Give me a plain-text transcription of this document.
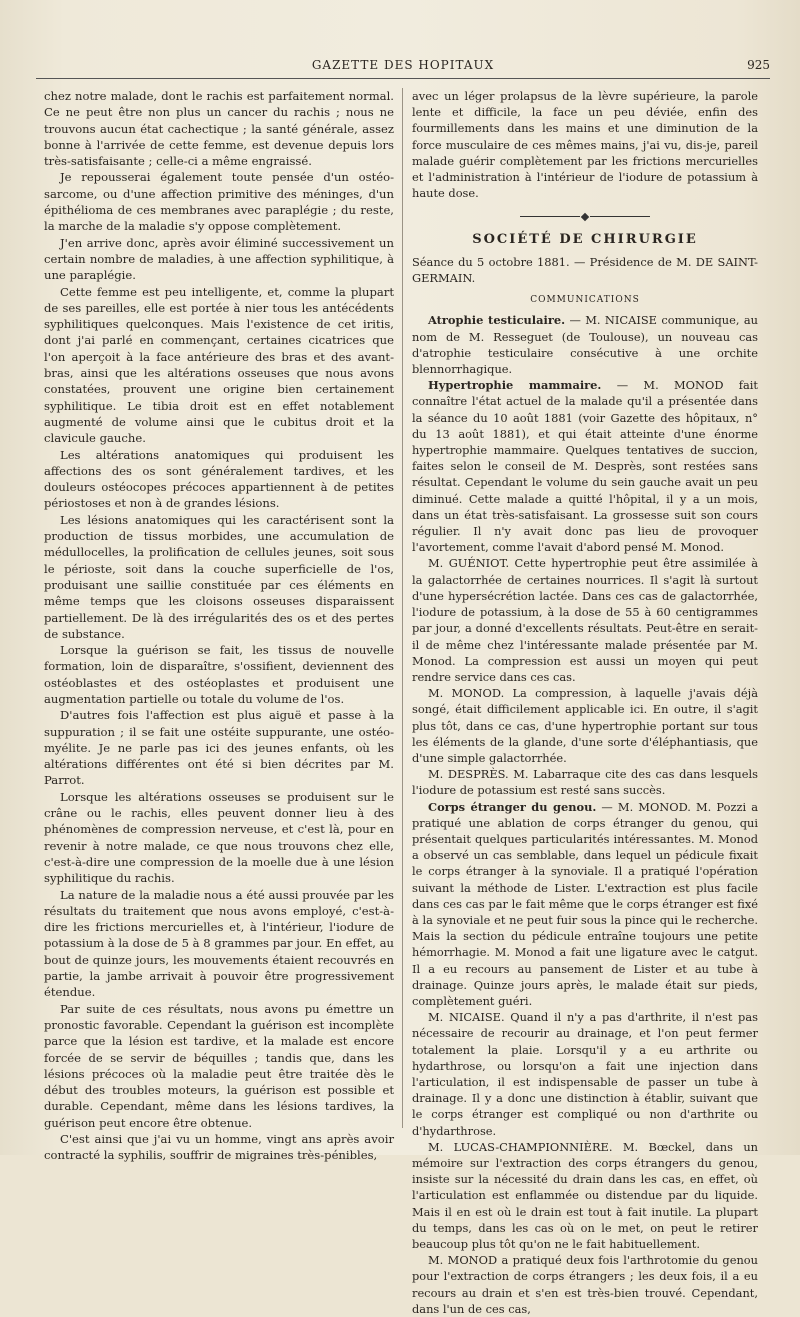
GAZETTE DES HOPITAUX	925

chez notre malade, dont le rachis est parfaitement normal. Ce ne peut être non plus un cancer du rachis ; nous ne trouvons aucun état cachectique ; la santé générale, assez bonne à l'arrivée de cette femme, est devenue depuis lors très-satisfaisante ; celle-ci a même engraissé.

Je repousserai également toute pensée d'un ostéo-sarcome, ou d'une affection primitive des méninges, d'un épithélioma de ces membranes avec paraplégie ; du reste, la marche de la maladie s'y oppose complètement.

J'en arrive donc, après avoir éliminé successivement un certain nombre de maladies, à une affection syphilitique, à une paraplégie.

Cette femme est peu intelligente, et, comme la plupart de ses pareilles, elle est portée à nier tous les antécédents syphilitiques quelconques. Mais l'existence de cet iritis, dont j'ai parlé en commençant, certaines cicatrices que l'on aperçoit à la face antérieure des bras et des avant-bras, ainsi que les altérations osseuses que nous avons constatées, prouvent une origine bien certainement syphilitique. Le tibia droit est en effet notablement augmenté de volume ainsi que le cubitus droit et la clavicule gauche.

Les altérations anatomiques qui produisent les affections des os sont généralement tardives, et les douleurs ostéocopes précoces appartiennent à de petites périostoses et non à de grandes lésions.

Les lésions anatomiques qui les caractérisent sont la production de tissus morbides, une accumulation de médullocelles, la prolification de cellules jeunes, soit sous le périoste, soit dans la couche superficielle de l'os, produisant une saillie constituée par ces éléments en même temps que les cloisons osseuses disparaissent partiellement. De là des irrégularités des os et des pertes de substance.

Lorsque la guérison se fait, les tissus de nouvelle formation, loin de disparaître, s'ossifient, deviennent des ostéoblastes et des ostéoplastes et produisent une augmentation partielle ou totale du volume de l'os.

D'autres fois l'affection est plus aiguë et passe à la suppuration ; il se fait une ostéite suppurante, une ostéo-myélite. Je ne parle pas ici des jeunes enfants, où les altérations différentes ont été si bien décrites par M. Parrot.

Lorsque les altérations osseuses se produisent sur le crâne ou le rachis, elles peuvent donner lieu à des phénomènes de compression nerveuse, et c'est là, pour en revenir à notre malade, ce que nous trouvons chez elle, c'est-à-dire une compression de la moelle due à une lésion syphilitique du rachis.

La nature de la maladie nous a été aussi prouvée par les résultats du traitement que nous avons employé, c'est-à-dire les frictions mercurielles et, à l'intérieur, l'iodure de potassium à la dose de 5 à 8 grammes par jour. En effet, au bout de quinze jours, les mouvements étaient recouvrés en partie, la jambe arrivait à pouvoir être progressivement étendue.

Par suite de ces résultats, nous avons pu émettre un pronostic favorable. Cependant la guérison est incomplète parce que la lésion est tardive, et la malade est encore forcée de se servir de béquilles ; tandis que, dans les lésions précoces où la maladie peut être traitée dès le début des troubles moteurs, la guérison est possible et durable. Cependant, même dans les lésions tardives, la guérison peut encore être obtenue.

C'est ainsi que j'ai vu un homme, vingt ans après avoir contracté la syphilis, souffrir de migraines très-pénibles,

avec un léger prolapsus de la lèvre supérieure, la parole lente et difficile, la face un peu déviée, enfin des fourmillements dans les mains et une diminution de la force musculaire de ces mêmes mains, j'ai vu, dis-je, pareil malade guérir complètement par les frictions mercurielles et l'administration à l'intérieur de l'iodure de potassium à haute dose.

SOCIÉTÉ DE CHIRURGIE

Séance du 5 octobre 1881. — Présidence de M. DE SAINT-GERMAIN.

COMMUNICATIONS

Atrophie testiculaire. — M. NICAISE communique, au nom de M. Resseguet (de Toulouse), un nouveau cas d'atrophie testiculaire consécutive à une orchite blennorrhagique.

Hypertrophie mammaire. — M. MONOD fait connaître l'état actuel de la malade qu'il a présentée dans la séance du 10 août 1881 (voir Gazette des hôpitaux, n° du 13 août 1881), et qui était atteinte d'une énorme hypertrophie mammaire. Quelques tentatives de succion, faites selon le conseil de M. Desprès, sont restées sans résultat. Cependant le volume du sein gauche avait un peu diminué. Cette malade a quitté l'hôpital, il y a un mois, dans un état très-satisfaisant. La grossesse suit son cours régulier. Il n'y avait donc pas lieu de provoquer l'avortement, comme l'avait d'abord pensé M. Monod.

M. GUÉNIOT. Cette hypertrophie peut être assimilée à la galactorrhée de certaines nourrices. Il s'agit là surtout d'une hypersécrétion lactée. Dans ces cas de galactorrhée, l'iodure de potassium, à la dose de 55 à 60 centigrammes par jour, a donné d'excellents résultats. Peut-être en serait-il de même chez l'intéressante malade présentée par M. Monod. La compression est aussi un moyen qui peut rendre service dans ces cas.

M. MONOD. La compression, à laquelle j'avais déjà songé, était difficilement applicable ici. En outre, il s'agit plus tôt, dans ce cas, d'une hypertrophie portant sur tous les éléments de la glande, d'une sorte d'éléphantiasis, que d'une simple galactorrhée.

M. DESPRÈS. M. Labarraque cite des cas dans lesquels l'iodure de potassium est resté sans succès.

Corps étranger du genou. — M. MONOD. M. Pozzi a pratiqué une ablation de corps étranger du genou, qui présentait quelques particularités intéressantes. M. Monod a observé un cas semblable, dans lequel un pédicule fixait le corps étranger à la synoviale. Il a pratiqué l'opération suivant la méthode de Lister. L'extraction est plus facile dans ces cas par le fait même que le corps étranger est fixé à la synoviale et ne peut fuir sous la pince qui le recherche. Mais la section du pédicule entraîne toujours une petite hémorrhagie. M. Monod a fait une ligature avec le catgut. Il a eu recours au pansement de Lister et au tube à drainage. Quinze jours après, le malade était sur pieds, complètement guéri.

M. NICAISE. Quand il n'y a pas d'arthrite, il n'est pas nécessaire de recourir au drainage, et l'on peut fermer totalement la plaie. Lorsqu'il y a eu arthrite ou hydarthrose, ou lorsqu'on a fait une injection dans l'articulation, il est indispensable de passer un tube à drainage. Il y a donc une distinction à établir, suivant que le corps étranger est compliqué ou non d'arthrite ou d'hydarthrose.

M. LUCAS-CHAMPIONNIÈRE. M. Bœckel, dans un mémoire sur l'extraction des corps étrangers du genou, insiste sur la nécessité du drain dans les cas, en effet, où l'articulation est enflammée ou distendue par du liquide. Mais il en est où le drain est tout à fait inutile. La plupart du temps, dans les cas où on le met, on peut le retirer beaucoup plus tôt qu'on ne le fait habituellement.

M. MONOD a pratiqué deux fois l'arthrotomie du genou pour l'extraction de corps étrangers ; les deux fois, il a eu recours au drain et s'en est très-bien trouvé. Cependant, dans l'un de ces cas,
